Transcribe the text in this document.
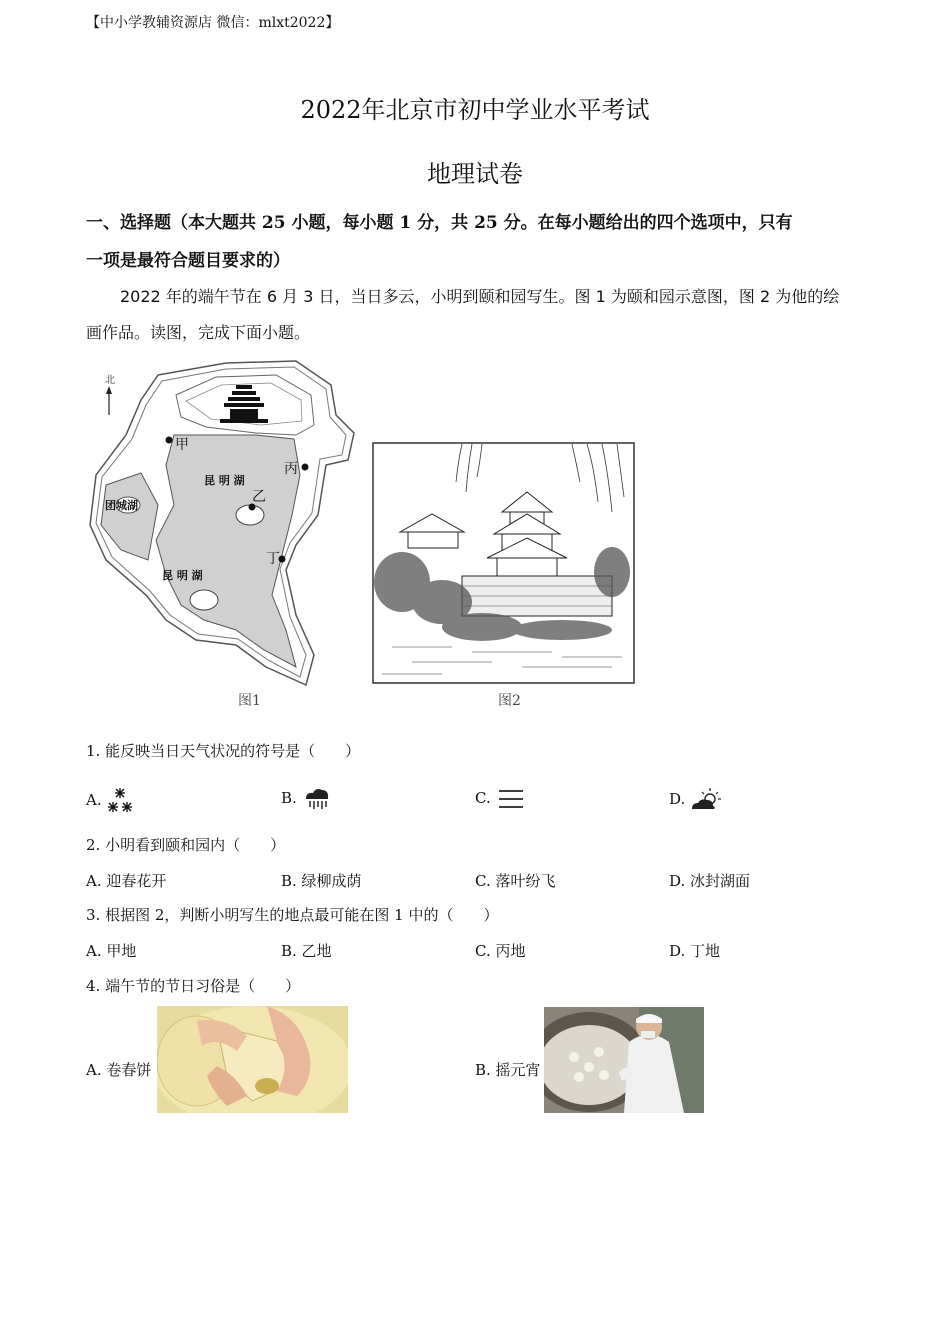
【中小学教辅资源店 微信：mlxt2022】
2022年北京市初中学业水平考试
地理试卷
一、选择题（本大题共 25 小题，每小题 1 分，共 25 分。在每小题给出的四个选项中，只有
一项是最符合题目要求的）
2022 年的端午节在 6 月 3 日，当日多云，小明到颐和园写生。图 1 为颐和园示意图，图 2 为他的绘
画作品。读图，完成下面小题。
北
甲
乙
丙
丁
昆 明 湖
昆 明 湖
团城湖
图1	图2
1. 能反映当日天气状况的符号是（　　）
A.	B.	C.	D.
2. 小明看到颐和园内（　　）
A. 迎春花开	B. 绿柳成荫	C. 落叶纷飞	D. 冰封湖面
3. 根据图 2，判断小明写生的地点最可能在图 1 中的（　　）
A. 甲地	B. 乙地	C. 丙地	D. 丁地
4. 端午节的节日习俗是（　　）
A. 卷春饼	B. 摇元宵
